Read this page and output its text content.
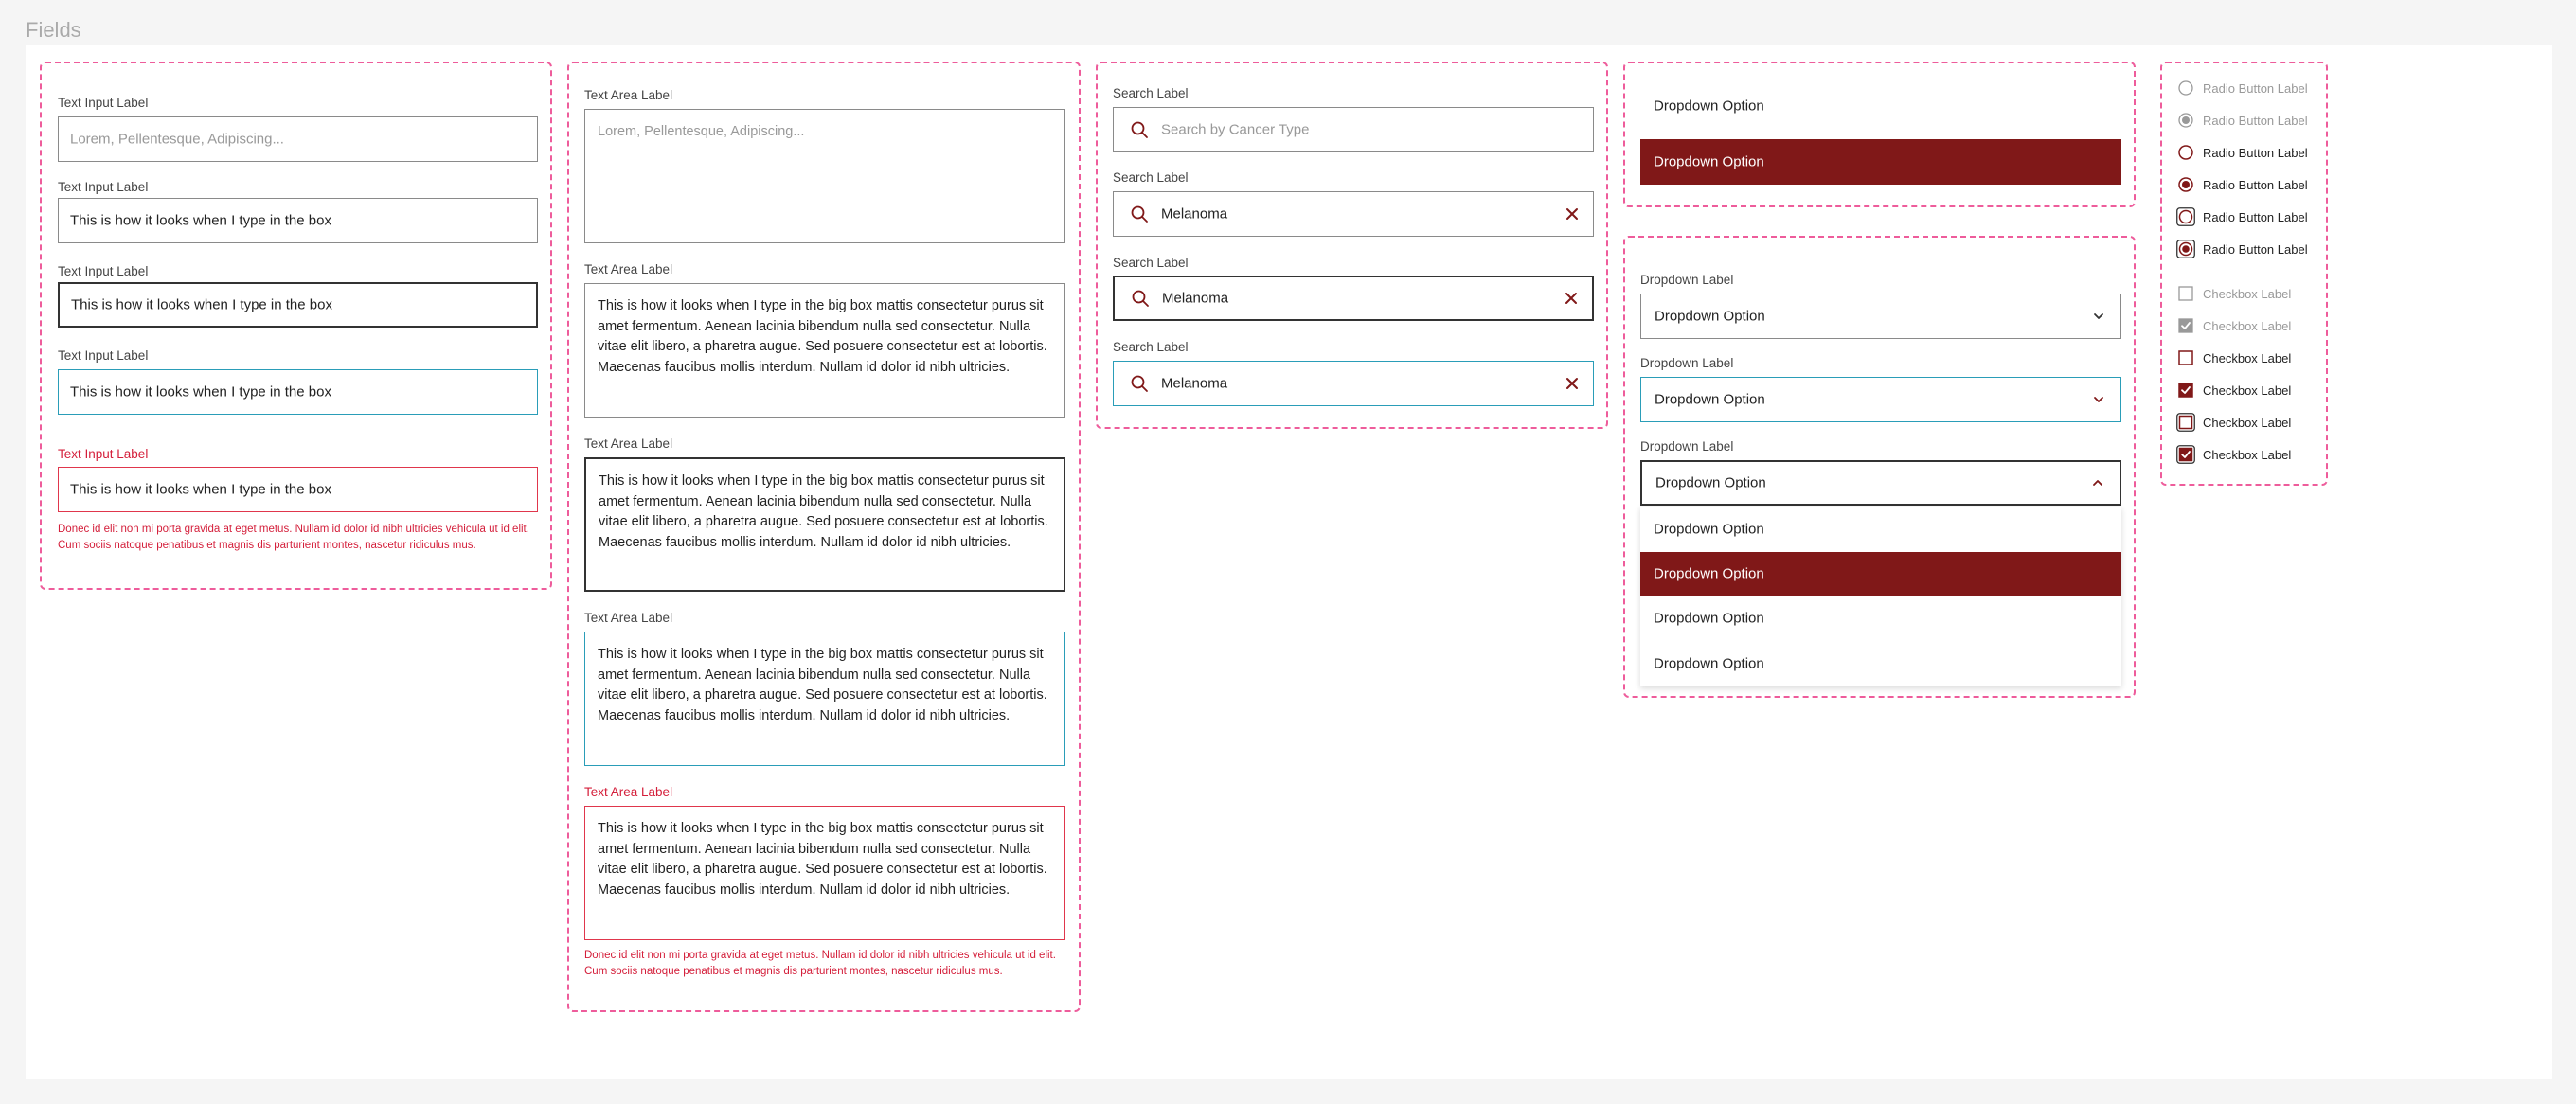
Fields
Text Input Label
Lorem, Pellentesque, Adipiscing...
Text Input Label
This is how it looks when I type in the box
Text Input Label
This is how it looks when I type in the box
Text Input Label
This is how it looks when I type in the box
Text Input Label
This is how it looks when I type in the box
Donec id elit non mi porta gravida at eget metus. Nullam id dolor id nibh ultricies vehicula ut id elit. Cum sociis natoque penatibus et magnis dis parturient montes, nascetur ridiculus mus.
Text Area Label
Lorem, Pellentesque, Adipiscing...
Text Area Label
This is how it looks when I type in the big box mattis consectetur purus sit amet fermentum. Aenean lacinia bibendum nulla sed consectetur. Nulla vitae elit libero, a pharetra augue. Sed posuere consectetur est at lobortis. Maecenas faucibus mollis interdum. Nullam id dolor id nibh ultricies.
Text Area Label
This is how it looks when I type in the big box mattis consectetur purus sit amet fermentum. Aenean lacinia bibendum nulla sed consectetur. Nulla vitae elit libero, a pharetra augue. Sed posuere consectetur est at lobortis. Maecenas faucibus mollis interdum. Nullam id dolor id nibh ultricies.
Text Area Label
This is how it looks when I type in the big box mattis consectetur purus sit amet fermentum. Aenean lacinia bibendum nulla sed consectetur. Nulla vitae elit libero, a pharetra augue. Sed posuere consectetur est at lobortis. Maecenas faucibus mollis interdum. Nullam id dolor id nibh ultricies.
Text Area Label
This is how it looks when I type in the big box mattis consectetur purus sit amet fermentum. Aenean lacinia bibendum nulla sed consectetur. Nulla vitae elit libero, a pharetra augue. Sed posuere consectetur est at lobortis. Maecenas faucibus mollis interdum. Nullam id dolor id nibh ultricies.
Donec id elit non mi porta gravida at eget metus. Nullam id dolor id nibh ultricies vehicula ut id elit. Cum sociis natoque penatibus et magnis dis parturient montes, nascetur ridiculus mus.
Search Label
Search by Cancer Type
Search Label
Melanoma
Search Label
Melanoma
Search Label
Melanoma
Dropdown Option
Dropdown Option
Dropdown Label
Dropdown Option
Dropdown Label
Dropdown Option
Dropdown Label
Dropdown Option
Dropdown Option
Dropdown Option
Dropdown Option
Dropdown Option
Radio Button Label
Radio Button Label
Radio Button Label
Radio Button Label
Radio Button Label
Radio Button Label
Checkbox Label
Checkbox Label
Checkbox Label
Checkbox Label
Checkbox Label
Checkbox Label
